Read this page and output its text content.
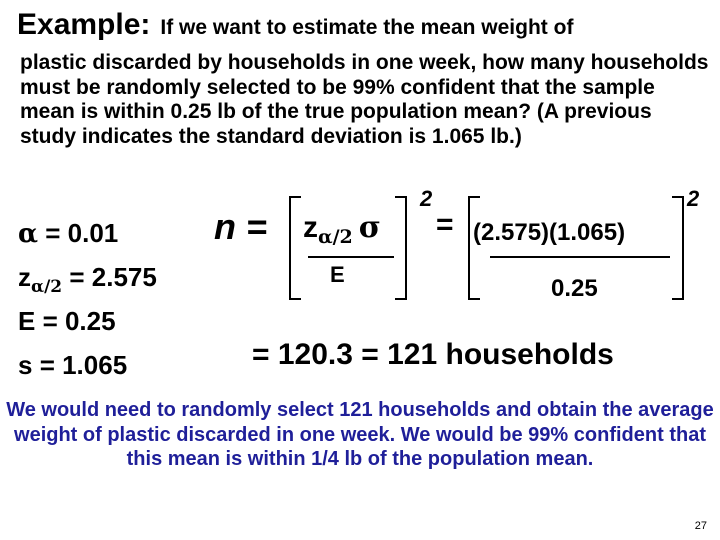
Example: If we want to estimate the mean weight of
plastic discarded by households in one week, how many households must be randomly selected to be 99% confident that the sample mean is within 0.25 lb of the true population mean? (A previous study indicates the standard deviation is 1.065 lb.)
α = 0.01
$z_{\alpha/2} = 2.575$
E = 0.25
s = 1.065
$n = z_{\alpha/2}$ σ
E
2
= (2.575)(1.065)
0.25
2
= 120.3 = 121 households
We would need to randomly select 121 households and obtain the average weight of plastic discarded in one week. We would be 99% confident that this mean is within 1/4 lb of the population mean.
27
